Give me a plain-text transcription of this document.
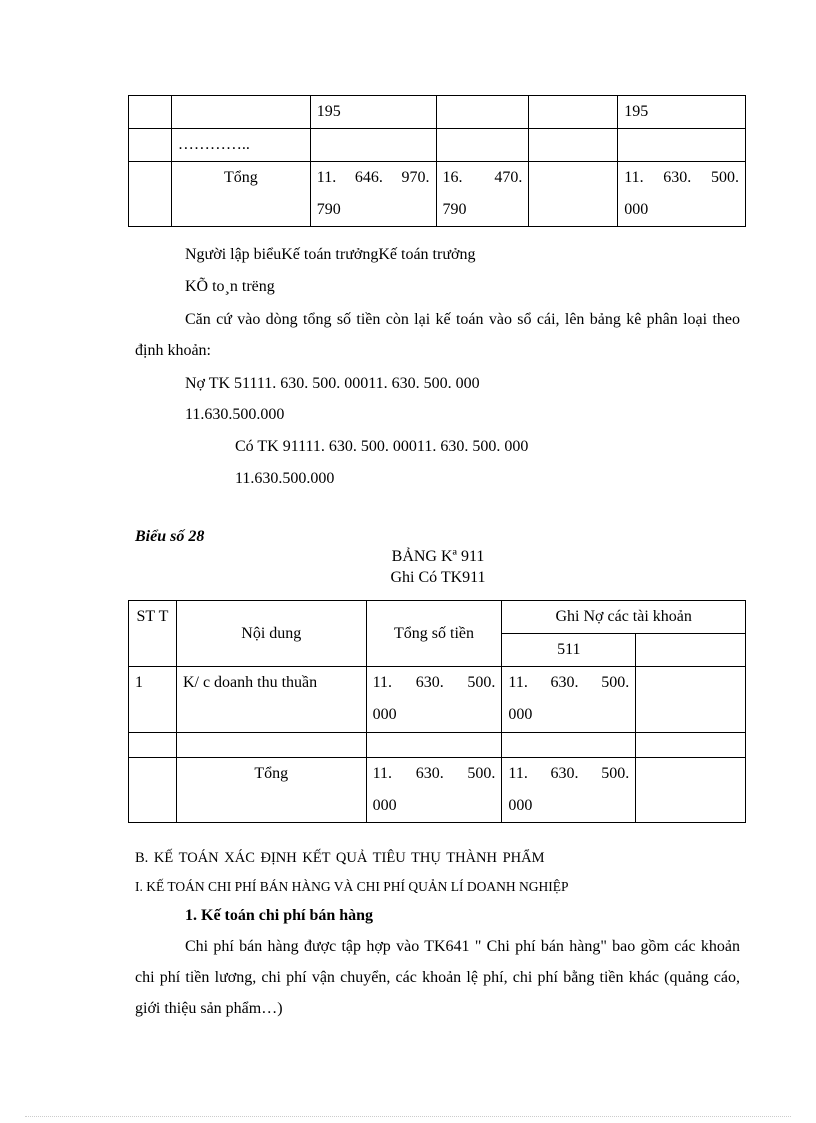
		195			195

	…………..				

	Tổng	11. 646. 970. 790	16. 470. 790		11. 630. 500. 000
Người lập biểuKế toán trưởngKế toán trưởng
KÕ to¸n trëng
Căn cứ vào dòng tổng số tiền còn lại kế toán vào sổ cái, lên bảng kê phân loại theo định khoản:
Nợ TK 51111. 630. 500. 00011. 630. 500. 000
11.630.500.000
Có TK 91111. 630. 500. 00011. 630. 500. 000
11.630.500.000
Biểu số 28
BẢNG Kª 911
Ghi Có TK911
ST T	Nội dung	Tổng số tiền	Ghi Nợ các tài khoản	

			511	

1	K/ c doanh thu thuần	11. 630. 500. 000	11. 630. 500. 000	

	Tổng	11. 630. 500. 000	11. 630. 500. 000	

B. KẾ TOÁN XÁC ĐỊNH KẾT QUẢ TIÊU THỤ THÀNH PHẨM
I. KẾ TOÁN CHI PHÍ BÁN HÀNG VÀ CHI PHÍ QUẢN LÍ DOANH NGHIỆP
1. Kế toán chi phí bán hàng
Chi phí bán hàng được tập hợp vào TK641 " Chi phí bán hàng" bao gồm các khoản chi phí tiền lương, chi phí vận chuyển, các khoản lệ phí, chi phí bằng tiền khác (quảng cáo, giới thiệu sản phẩm…)
